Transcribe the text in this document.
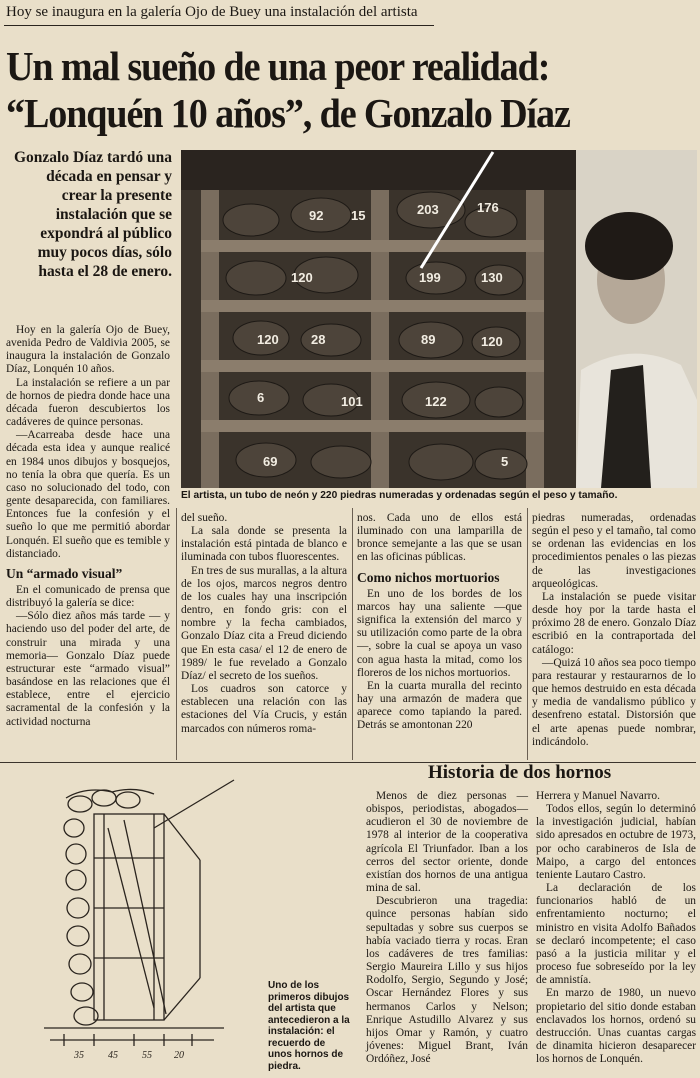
Hoy se inaugura en la galería Ojo de Buey una instalación del artista
Un mal sueño de una peor realidad:
“Lonquén 10 años”, de Gonzalo Díaz
Gonzalo Díaz tardó una
década en pensar y
crear la presente
instalación que se
expondrá al público
muy pocos días, sólo
hasta el 28 de enero.
203	176
92 15
120	130
199
120
28	89
120
6	101	122
69	5
El artista, un tubo de neón y 220 piedras numeradas y ordenadas según el peso y tamaño.

Hoy en la galería Ojo de Buey, avenida Pedro de Valdivia 2005, se inaugura la instalación de Gonzalo Díaz, Lonquén 10 años.

La instalación se refiere a un par de hornos de piedra donde hace una década fueron descubiertos los cadáveres de quince personas.

—Acarreaba desde hace una década esta idea y aunque realicé en 1984 unos dibujos y bosquejos, no tenía la obra que quería. Es un caso no solucionado del todo, con gente desaparecida, con familiares. Entonces fue la confesión y el sueño lo que me permitió abordar Lonquén. El sueño que es temible y distanciado.

Un “armado visual”

En el comunicado de prensa que distribuyó la galería se dice:

—Sólo diez años más tarde — y haciendo uso del poder del arte, de construir una mirada y una memoria— Gonzalo Díaz puede estructurar este “armado visual” basándose en las relaciones que él establece, entre el ejercicio sacramental de la confesión y la actividad nocturna

del sueño.

La sala donde se presenta la instalación está pintada de blanco e iluminada con tubos fluorescentes.

En tres de sus murallas, a la altura de los ojos, marcos negros dentro de los cuales hay una inscripción dentro, en fondo gris: con el nombre y la fecha cambiados, Gonzalo Díaz cita a Freud diciendo que En esta casa/ el 12 de enero de 1989/ le fue revelado a Gonzalo Díaz/ el secreto de los sueños.

Los cuadros son catorce y establecen una relación con las estaciones del Vía Crucis, y están marcados con números roma-

nos. Cada uno de ellos está iluminado con una lamparilla de bronce semejante a las que se usan en las oficinas públicas.

Como nichos mortuorios

En uno de los bordes de los marcos hay una saliente —que significa la extensión del marco y su utilización como parte de la obra—, sobre la cual se apoya un vaso con agua hasta la mitad, como los floreros de los nichos mortuorios.

En la cuarta muralla del recinto hay una armazón de madera que aparece como tapiando la pared. Detrás se amontonan 220

piedras numeradas, ordenadas según el peso y el tamaño, tal como se ordenan las evidencias en los procedimientos penales o las piezas de las investigaciones arqueológicas.

La instalación se puede visitar desde hoy por la tarde hasta el próximo 28 de enero. Gonzalo Díaz escribió en la contraportada del catálogo:

—Quizá 10 años sea poco tiempo para restaurar y restaurarnos de lo que hemos destruido en esta década y media de vandalismo público y desenfreno estatal. Distorsión que el arte apenas puede nombrar, indicándolo.

Historia de dos hornos
35 45 55 20
Uno de los primeros dibujos del artista que antecedieron a la instalación: el recuerdo de unos hornos de piedra.

Menos de diez personas — obispos, periodistas, abogados— acudieron el 30 de noviembre de 1978 al interior de la cooperativa agrícola El Triunfador. Iban a los cerros del sector oriente, donde existían dos hornos de una antigua mina de sal.

Descubrieron una tragedia: quince personas habían sido sepultadas y sobre sus cuerpos se había vaciado tierra y rocas. Eran los cadáveres de tres familias: Sergio Maureira Lillo y sus hijos Rodolfo, Sergio, Segundo y José; Oscar Hernández Flores y sus hermanos Carlos y Nelson; Enrique Astudillo Alvarez y sus hijos Omar y Ramón, y cuatro jóvenes: Miguel Brant, Iván Ordóñez, José

Herrera y Manuel Navarro.

Todos ellos, según lo determinó la investigación judicial, habían sido apresados en octubre de 1973, por ocho carabineros de Isla de Maipo, a cargo del entonces teniente Lautaro Castro.

La declaración de los funcionarios habló de un enfrentamiento nocturno; el ministro en visita Adolfo Bañados se declaró incompetente; el caso pasó a la justicia militar y el proceso fue sobreseído por la ley de amnistía.

En marzo de 1980, un nuevo propietario del sitio donde estaban enclavados los hornos, ordenó su destrucción. Unas cuantas cargas de dinamita hicieron desaparecer los hornos de Lonquén.
